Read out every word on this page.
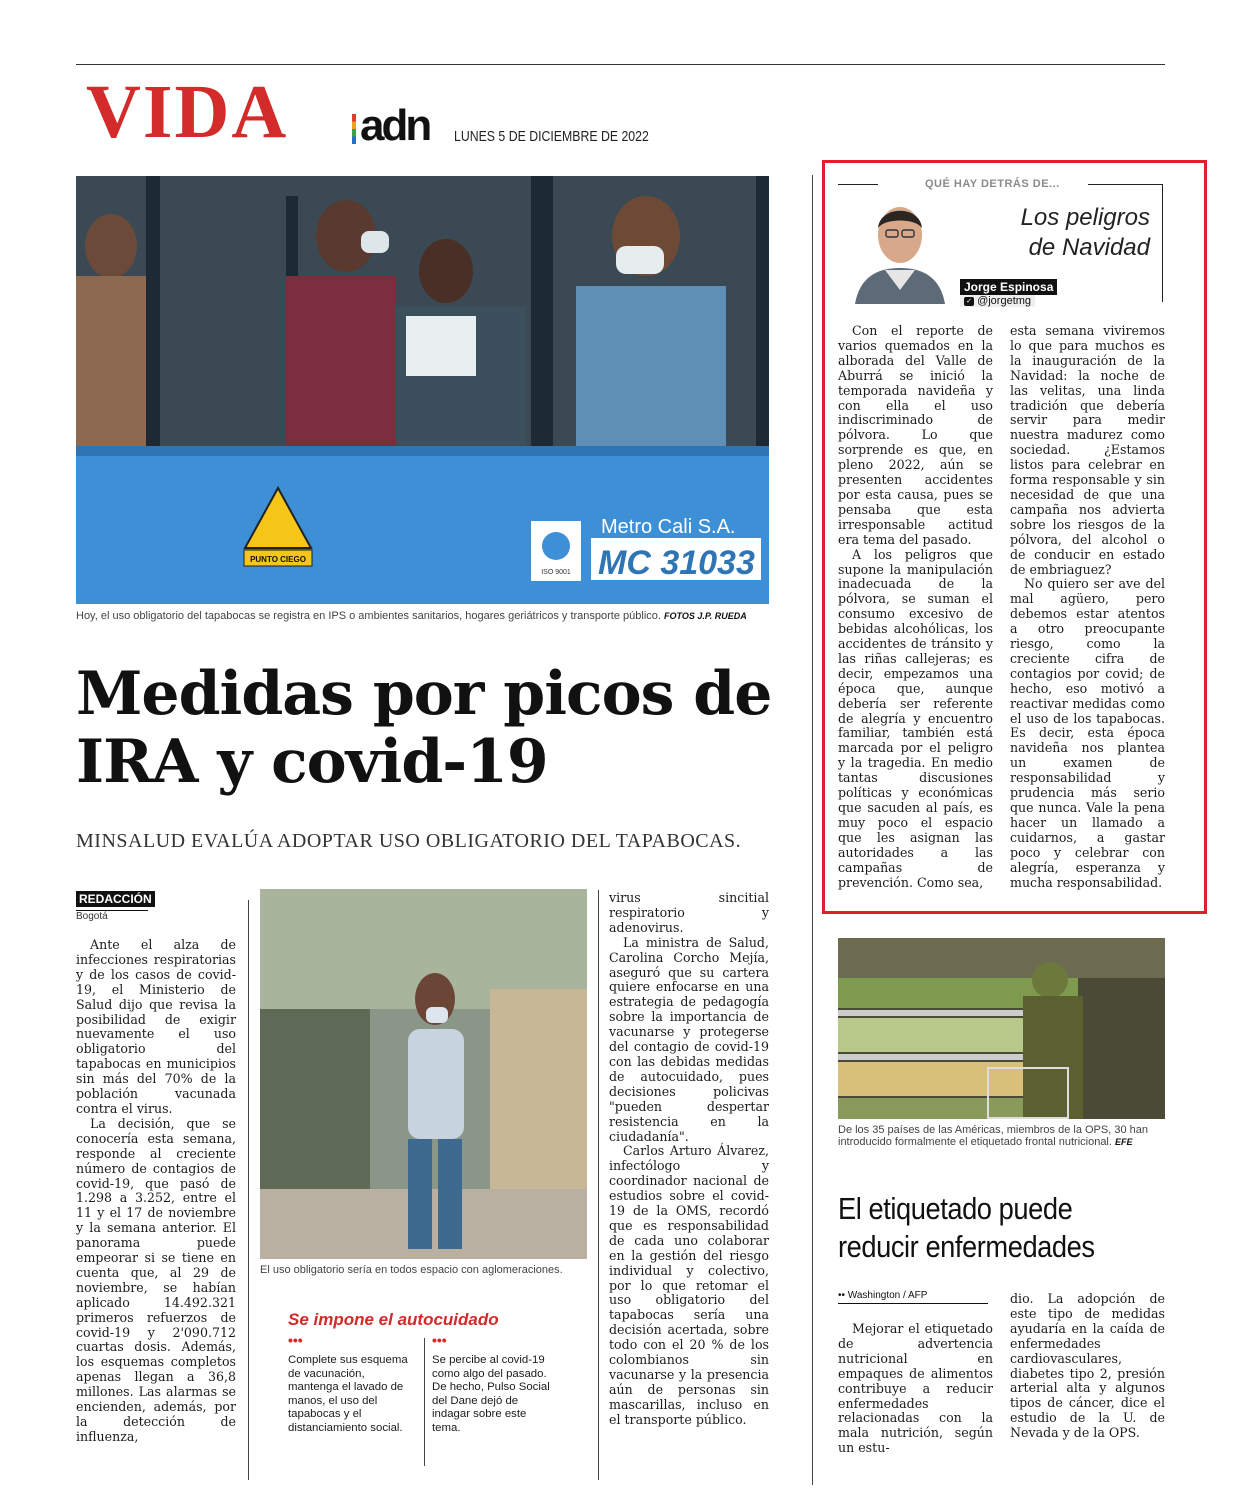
VIDA adn LUNES 5 DE DICIEMBRE DE 2022
PUNTO CIEGO
ISO 9001
Metro Cali S.A.
MC 31033
Hoy, el uso obligatorio del tapabocas se registra en IPS o ambientes sanitarios, hogares geriátricos y transporte público. FOTOS J.P. RUEDA
Medidas por picos de IRA y covid-19
MINSALUD EVALÚA ADOPTAR USO OBLIGATORIO DEL TAPABOCAS.
REDACCIÓN
Bogotá

Ante el alza de infecciones respiratorias y de los casos de covid-19, el Ministerio de Salud dijo que revisa la posibilidad de exigir nuevamente el uso obligatorio del tapabocas en municipios sin más del 70% de la población vacunada contra el virus.

La decisión, que se conocería esta semana, responde al creciente número de contagios de covid-19, que pasó de 1.298 a 3.252, entre el 11 y el 17 de noviembre y la semana anterior. El panorama puede empeorar si se tiene en cuenta que, al 29 de noviembre, se habían aplicado 14.492.321 primeros refuerzos de covid-19 y 2'090.712 cuartas dosis. Además, los esquemas completos apenas llegan a 36,8 millones. Las alarmas se encienden, además, por la detección de influenza,

El uso obligatorio sería en todos espacio con aglomeraciones.
Se impone el autocuidado
•••	•••
Complete sus esquema de vacunación, mantenga el lavado de manos, el uso del tapabocas y el distanciamiento social.
Se percibe al covid-19 como algo del pasado. De hecho, Pulso Social del Dane dejó de indagar sobre este tema.

virus sincitial respiratorio y adenovirus.

La ministra de Salud, Carolina Corcho Mejía, aseguró que su cartera quiere enfocarse en una estrategia de pedagogía sobre la importancia de vacunarse y protegerse del contagio de covid-19 con las debidas medidas de autocuidado, pues decisiones policivas "pueden despertar resistencia en la ciudadanía".

Carlos Arturo Álvarez, infectólogo y coordinador nacional de estudios sobre el covid-19 de la OMS, recordó que es responsabilidad de cada uno colaborar en la gestión del riesgo individual y colectivo, por lo que retomar el uso obligatorio del tapabocas sería una decisión acertada, sobre todo con el 20 % de los colombianos sin vacunarse y la presencia aún de personas sin mascarillas, incluso en el transporte público.

QUÉ HAY DETRÁS DE...
Los peligros de Navidad
Jorge Espinosa
✓ @jorgetmg

Con el reporte de varios quemados en la alborada del Valle de Aburrá se inició la temporada navideña y con ella el uso indiscriminado de pólvora. Lo que sorprende es que, en pleno 2022, aún se presenten accidentes por esta causa, pues se pensaba que esta irresponsable actitud era tema del pasado.

A los peligros que supone la manipulación inadecuada de la pólvora, se suman el consumo excesivo de bebidas alcohólicas, los accidentes de tránsito y las riñas callejeras; es decir, empezamos una época que, aunque debería ser referente de alegría y encuentro familiar, también está marcada por el peligro y la tragedia. En medio tantas discusiones políticas y económicas que sacuden al país, es muy poco el espacio que les asignan las autoridades a las campañas de prevención. Como sea,

esta semana viviremos lo que para muchos es la inauguración de la Navidad: la noche de las velitas, una linda tradición que debería servir para medir nuestra madurez como sociedad. ¿Estamos listos para celebrar en forma responsable y sin necesidad de que una campaña nos advierta sobre los riesgos de la pólvora, del alcohol o de conducir en estado de embriaguez?

No quiero ser ave del mal agüero, pero debemos estar atentos a otro preocupante riesgo, como la creciente cifra de contagios por covid; de hecho, eso motivó a reactivar medidas como el uso de los tapabocas. Es decir, esta época navideña nos plantea un examen de responsabilidad y prudencia más serio que nunca. Vale la pena hacer un llamado a cuidarnos, a gastar poco y celebrar con alegría, esperanza y mucha responsabilidad.

De los 35 países de las Américas, miembros de la OPS, 30 han introducido formalmente el etiquetado frontal nutricional. EFE
El etiquetado puede reducir enfermedades
•• Washington / AFP

Mejorar el etiquetado de advertencia nutricional en empaques de alimentos contribuye a reducir enfermedades relacionadas con la mala nutrición, según un estu-

dio. La adopción de este tipo de medidas ayudaría en la caída de enfermedades cardiovasculares, diabetes tipo 2, presión arterial alta y algunos tipos de cáncer, dice el estudio de la U. de Nevada y de la OPS.
